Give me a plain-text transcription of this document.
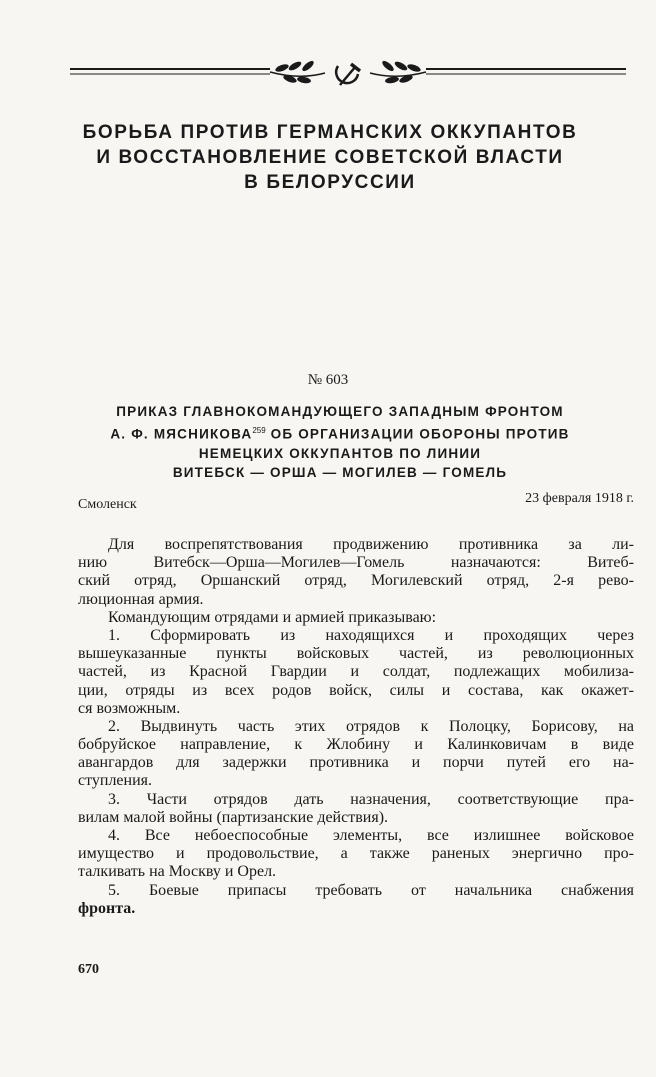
БОРЬБА ПРОТИВ ГЕРМАНСКИХ ОККУПАНТОВ
И ВОССТАНОВЛЕНИЕ СОВЕТСКОЙ ВЛАСТИ
В БЕЛОРУССИИ
№ 603
ПРИКАЗ ГЛАВНОКОМАНДУЮЩЕГО ЗАПАДНЫМ ФРОНТОМ
А. Ф. МЯСНИКОВА$^{259}$ ОБ ОРГАНИЗАЦИИ ОБОРОНЫ ПРОТИВ
НЕМЕЦКИХ ОККУПАНТОВ ПО ЛИНИИ
ВИТЕБСК — ОРША — МОГИЛЕВ — ГОМЕЛЬ
Смоленск	23 февраля 1918 г.
Для воспрепятствования продвижению противника за ли-
нию Витебск—Орша—Могилев—Гомель назначаются: Витеб-
ский отряд, Оршанский отряд, Могилевский отряд, 2-я рево-
люционная армия.
Командующим отрядами и армией приказываю:
1. Сформировать из находящихся и проходящих через
вышеуказанные пункты войсковых частей, из революционных
частей, из Красной Гвардии и солдат, подлежащих мобилиза-
ции, отряды из всех родов войск, силы и состава, как окажет-
ся возможным.
2. Выдвинуть часть этих отрядов к Полоцку, Борисову, на
бобруйское направление, к Жлобину и Калинковичам в виде
авангардов для задержки противника и порчи путей его на-
ступления.
3. Части отрядов дать назначения, соответствующие пра-
вилам малой войны (партизанские действия).
4. Все небоеспособные элементы, все излишнее войсковое
имущество и продовольствие, а также раненых энергично про-
талкивать на Москву и Орел.
5. Боевые припасы требовать от начальника снабжения
фронта.
670
